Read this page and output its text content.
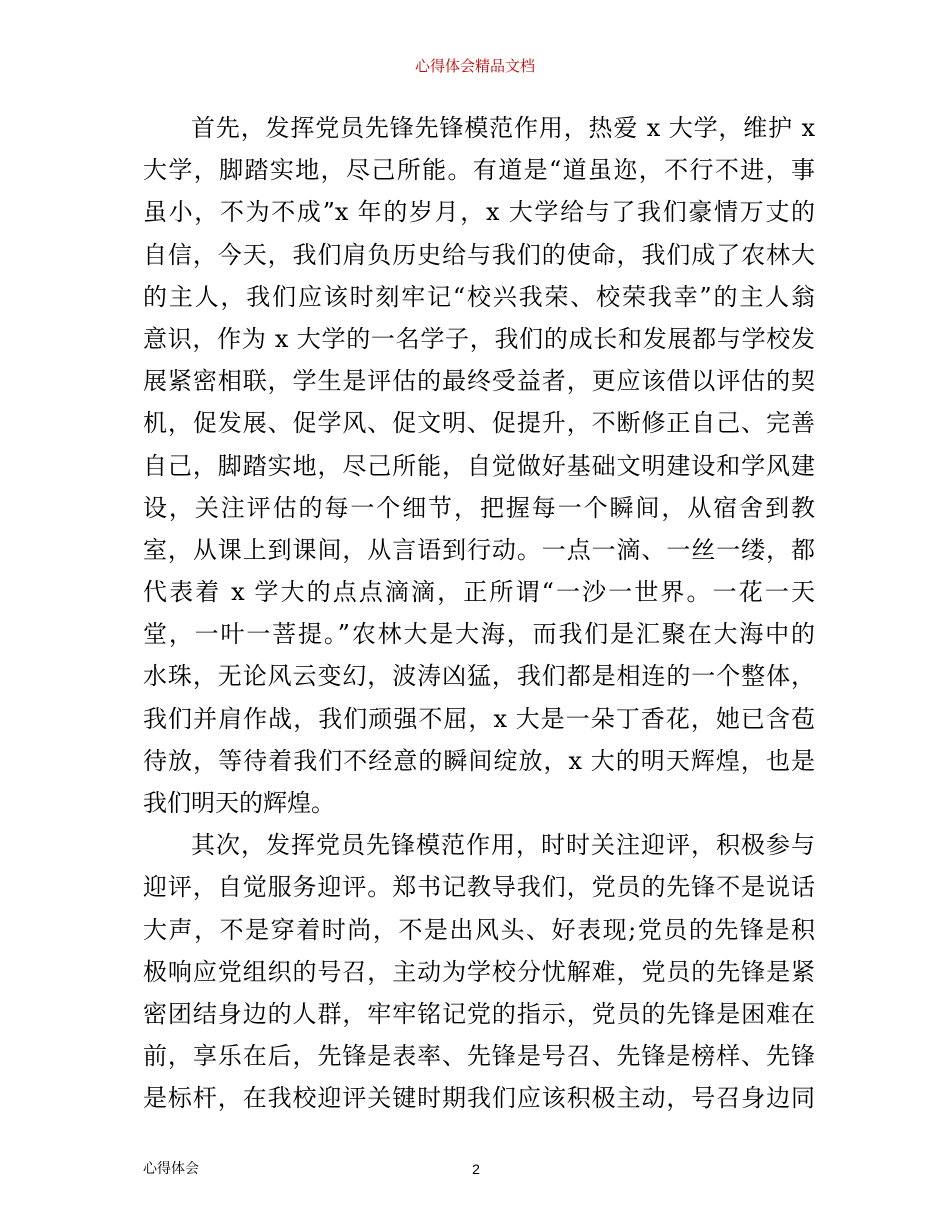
心得体会精品文档
首先，发挥党员先锋先锋模范作用，热爱 x 大学，维护 x
大学，脚踏实地，尽己所能。有道是“道虽迩，不行不进，事
虽小，不为不成”x 年的岁月，x 大学给与了我们豪情万丈的
自信，今天，我们肩负历史给与我们的使命，我们成了农林大
的主人，我们应该时刻牢记“校兴我荣、校荣我幸”的主人翁
意识，作为 x 大学的一名学子，我们的成长和发展都与学校发
展紧密相联，学生是评估的最终受益者，更应该借以评估的契
机，促发展、促学风、促文明、促提升，不断修正自己、完善
自己，脚踏实地，尽己所能，自觉做好基础文明建设和学风建
设，关注评估的每一个细节，把握每一个瞬间，从宿舍到教
室，从课上到课间，从言语到行动。一点一滴、一丝一缕，都
代表着 x 学大的点点滴滴，正所谓“一沙一世界。一花一天
堂，一叶一菩提。”农林大是大海，而我们是汇聚在大海中的
水珠，无论风云变幻，波涛凶猛，我们都是相连的一个整体，
我们并肩作战，我们顽强不屈，x 大是一朵丁香花，她已含苞
待放，等待着我们不经意的瞬间绽放，x 大的明天辉煌，也是
我们明天的辉煌。
其次，发挥党员先锋模范作用，时时关注迎评，积极参与
迎评，自觉服务迎评。郑书记教导我们，党员的先锋不是说话
大声，不是穿着时尚，不是出风头、好表现;党员的先锋是积
极响应党组织的号召，主动为学校分忧解难，党员的先锋是紧
密团结身边的人群，牢牢铭记党的指示，党员的先锋是困难在
前，享乐在后，先锋是表率、先锋是号召、先锋是榜样、先锋
是标杆，在我校迎评关键时期我们应该积极主动，号召身边同
心得体会	2
